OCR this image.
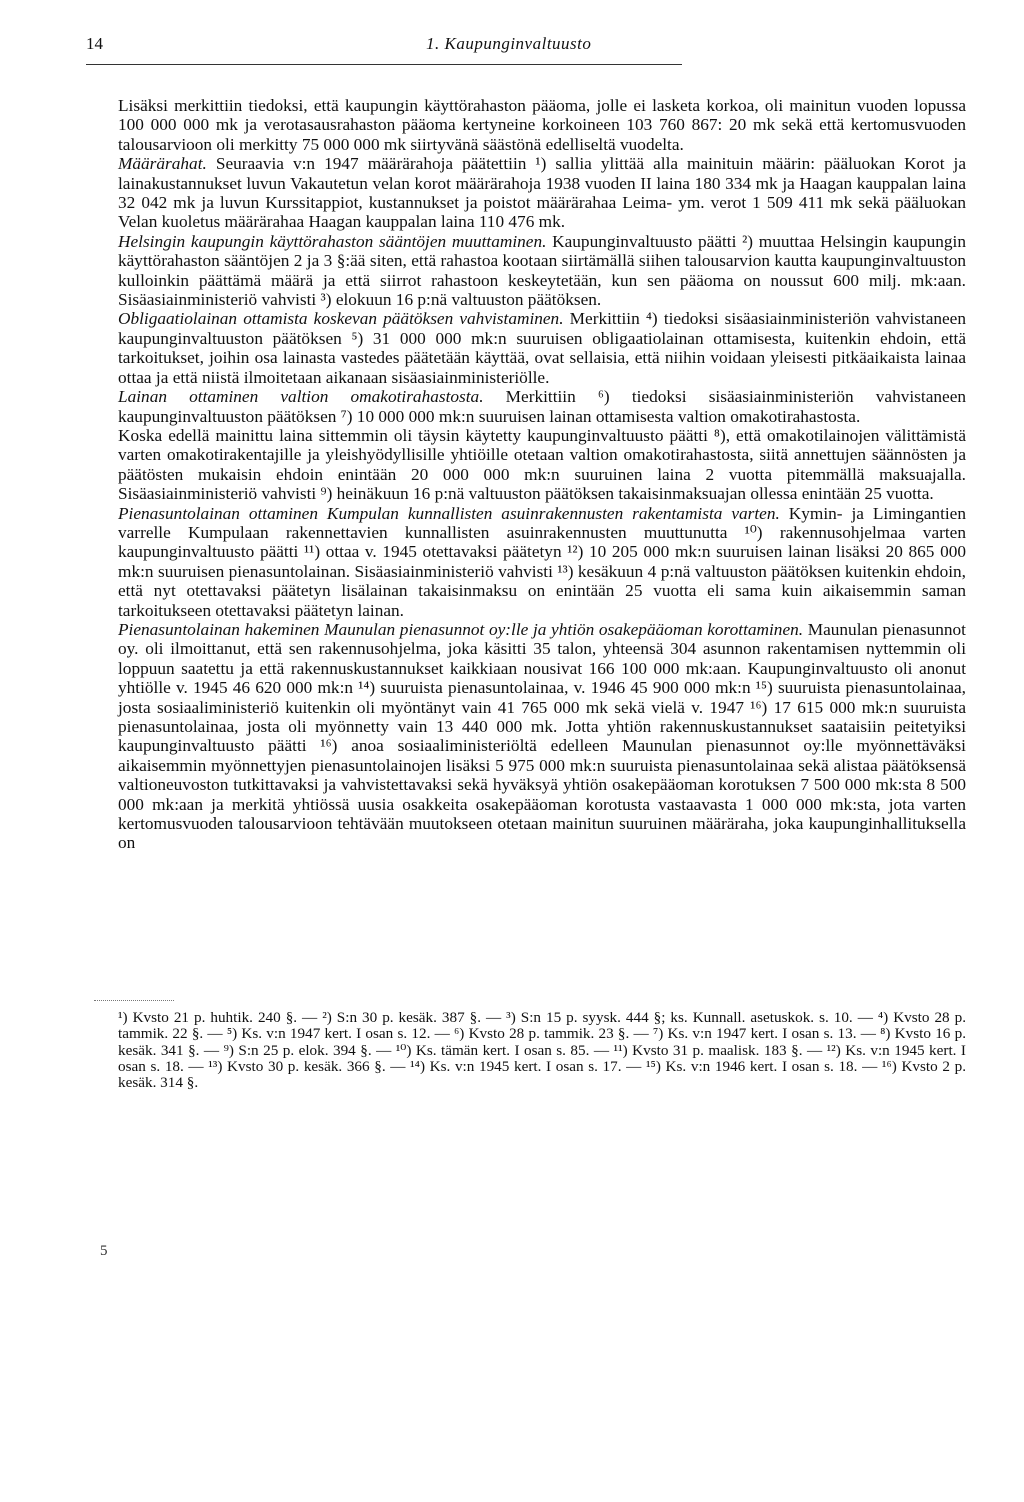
14	1. Kaupunginvaltuusto

Lisäksi merkittiin tiedoksi, että kaupungin käyttörahaston pääoma, jolle ei lasketa korkoa, oli mainitun vuoden lopussa 100 000 000 mk ja verotasausrahaston pääoma kertyneine korkoineen 103 760 867: 20 mk sekä että kertomusvuoden talousarvioon oli merkitty 75 000 000 mk siirtyvänä säästönä edelliseltä vuodelta.

Määrärahat. Seuraavia v:n 1947 määrärahoja päätettiin ¹) sallia ylittää alla mainituin määrin: pääluokan Korot ja lainakustannukset luvun Vakautetun velan korot määrärahoja 1938 vuoden II laina 180 334 mk ja Haagan kauppalan laina 32 042 mk ja luvun Kurssitappiot, kustannukset ja poistot määrärahaa Leima- ym. verot 1 509 411 mk sekä pääluokan Velan kuoletus määrärahaa Haagan kauppalan laina 110 476 mk.

Helsingin kaupungin käyttörahaston sääntöjen muuttaminen. Kaupunginvaltuusto päätti ²) muuttaa Helsingin kaupungin käyttörahaston sääntöjen 2 ja 3 §:ää siten, että rahastoa kootaan siirtämällä siihen talousarvion kautta kaupunginvaltuuston kulloinkin päättämä määrä ja että siirrot rahastoon keskeytetään, kun sen pääoma on noussut 600 milj. mk:aan. Sisäasiainministeriö vahvisti ³) elokuun 16 p:nä valtuuston päätöksen.

Obligaatiolainan ottamista koskevan päätöksen vahvistaminen. Merkittiin ⁴) tiedoksi sisäasiainministeriön vahvistaneen kaupunginvaltuuston päätöksen ⁵) 31 000 000 mk:n suuruisen obligaatiolainan ottamisesta, kuitenkin ehdoin, että tarkoitukset, joihin osa lainasta vastedes päätetään käyttää, ovat sellaisia, että niihin voidaan yleisesti pitkäaikaista lainaa ottaa ja että niistä ilmoitetaan aikanaan sisäasiainministeriölle.

Lainan ottaminen valtion omakotirahastosta. Merkittiin ⁶) tiedoksi sisäasiainministeriön vahvistaneen kaupunginvaltuuston päätöksen ⁷) 10 000 000 mk:n suuruisen lainan ottamisesta valtion omakotirahastosta.

Koska edellä mainittu laina sittemmin oli täysin käytetty kaupunginvaltuusto päätti ⁸), että omakotilainojen välittämistä varten omakotirakentajille ja yleishyödyllisille yhtiöille otetaan valtion omakotirahastosta, siitä annettujen säännösten ja päätösten mukaisin ehdoin enintään 20 000 000 mk:n suuruinen laina 2 vuotta pitemmällä maksuajalla. Sisäasiainministeriö vahvisti ⁹) heinäkuun 16 p:nä valtuuston päätöksen takaisinmaksuajan ollessa enintään 25 vuotta.

Pienasuntolainan ottaminen Kumpulan kunnallisten asuinrakennusten rakentamista varten. Kymin- ja Limingantien varrelle Kumpulaan rakennettavien kunnallisten asuinrakennusten muuttunutta ¹⁰) rakennusohjelmaa varten kaupunginvaltuusto päätti ¹¹) ottaa v. 1945 otettavaksi päätetyn ¹²) 10 205 000 mk:n suuruisen lainan lisäksi 20 865 000 mk:n suuruisen pienasuntolainan. Sisäasiainministeriö vahvisti ¹³) kesäkuun 4 p:nä valtuuston päätöksen kuitenkin ehdoin, että nyt otettavaksi päätetyn lisälainan takaisinmaksu on enintään 25 vuotta eli sama kuin aikaisemmin saman tarkoitukseen otettavaksi päätetyn lainan.

Pienasuntolainan hakeminen Maunulan pienasunnot oy:lle ja yhtiön osakepääoman korottaminen. Maunulan pienasunnot oy. oli ilmoittanut, että sen rakennusohjelma, joka käsitti 35 talon, yhteensä 304 asunnon rakentamisen nyttemmin oli loppuun saatettu ja että rakennuskustannukset kaikkiaan nousivat 166 100 000 mk:aan. Kaupunginvaltuusto oli anonut yhtiölle v. 1945 46 620 000 mk:n ¹⁴) suuruista pienasuntolainaa, v. 1946 45 900 000 mk:n ¹⁵) suuruista pienasuntolainaa, josta sosiaaliministeriö kuitenkin oli myöntänyt vain 41 765 000 mk sekä vielä v. 1947 ¹⁶) 17 615 000 mk:n suuruista pienasuntolainaa, josta oli myönnetty vain 13 440 000 mk. Jotta yhtiön rakennuskustannukset saataisiin peitetyiksi kaupunginvaltuusto päätti ¹⁶) anoa sosiaaliministeriöltä edelleen Maunulan pienasunnot oy:lle myönnettäväksi aikaisemmin myönnettyjen pienasuntolainojen lisäksi 5 975 000 mk:n suuruista pienasuntolainaa sekä alistaa päätöksensä valtioneuvoston tutkittavaksi ja vahvistettavaksi sekä hyväksyä yhtiön osakepääoman korotuksen 7 500 000 mk:sta 8 500 000 mk:aan ja merkitä yhtiössä uusia osakkeita osakepääoman korotusta vastaavasta 1 000 000 mk:sta, jota varten kertomusvuoden talousarvioon tehtävään muutokseen otetaan mainitun suuruinen määräraha, joka kaupunginhallituksella on

5

¹) Kvsto 21 p. huhtik. 240 §. — ²) S:n 30 p. kesäk. 387 §. — ³) S:n 15 p. syysk. 444 §; ks. Kunnall. asetuskok. s. 10. — ⁴) Kvsto 28 p. tammik. 22 §. — ⁵) Ks. v:n 1947 kert. I osan s. 12. — ⁶) Kvsto 28 p. tammik. 23 §. — ⁷) Ks. v:n 1947 kert. I osan s. 13. — ⁸) Kvsto 16 p. kesäk. 341 §. — ⁹) S:n 25 p. elok. 394 §. — ¹⁰) Ks. tämän kert. I osan s. 85. — ¹¹) Kvsto 31 p. maalisk. 183 §. — ¹²) Ks. v:n 1945 kert. I osan s. 18. — ¹³) Kvsto 30 p. kesäk. 366 §. — ¹⁴) Ks. v:n 1945 kert. I osan s. 17. — ¹⁵) Ks. v:n 1946 kert. I osan s. 18. — ¹⁶) Kvsto 2 p. kesäk. 314 §.
